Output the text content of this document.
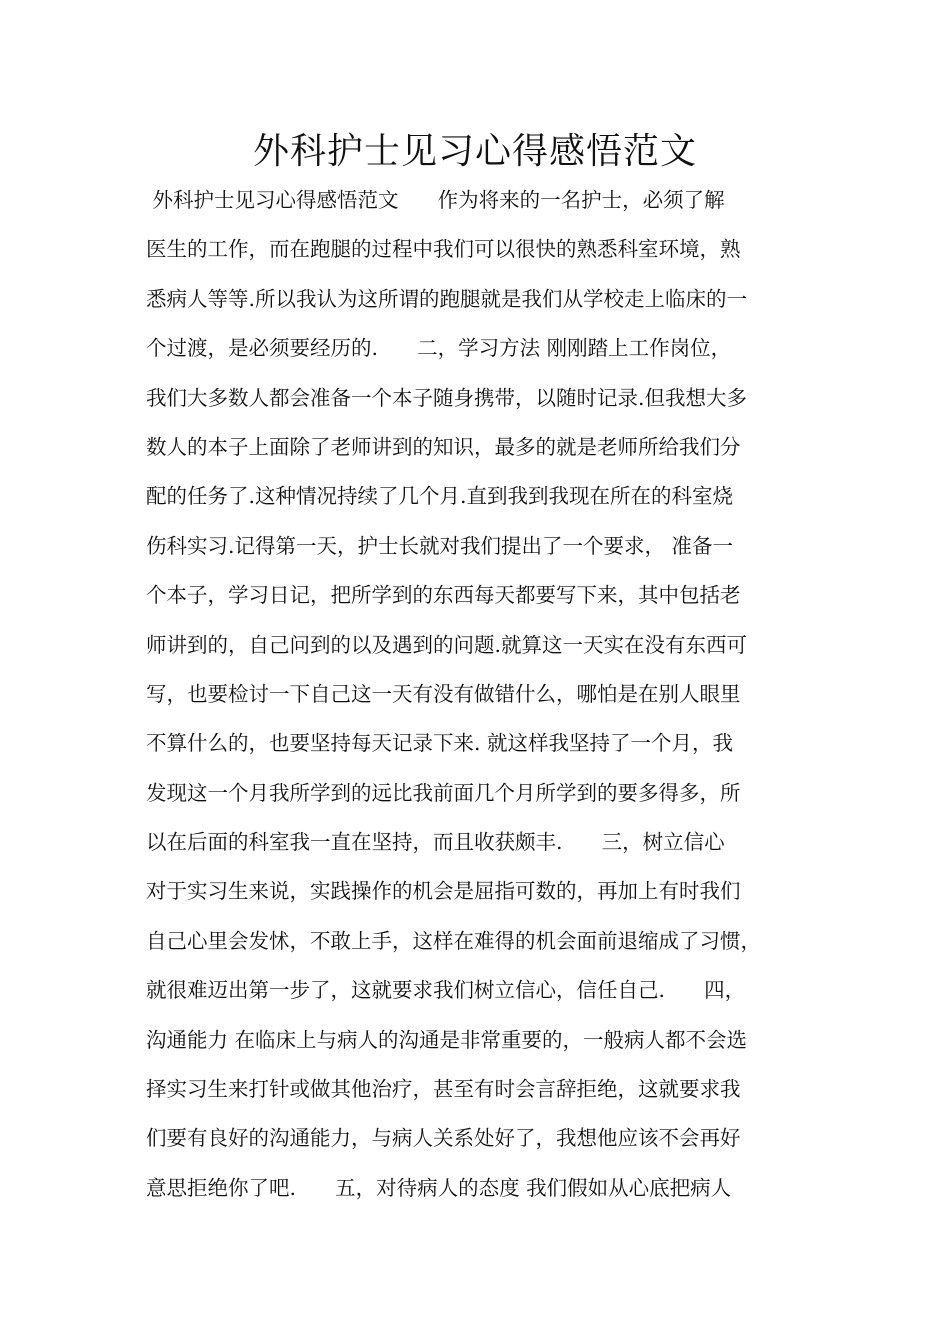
外科护士见习心得感悟范文
外科护士见习心得感悟范文      作为将来的一名护士，必须了解
医生的工作，而在跑腿的过程中我们可以很快的熟悉科室环境，熟
悉病人等等.所以我认为这所谓的跑腿就是我们从学校走上临床的一
个过渡，是必须要经历的.      二，学习方法 刚刚踏上工作岗位，
我们大多数人都会准备一个本子随身携带，以随时记录.但我想大多
数人的本子上面除了老师讲到的知识，最多的就是老师所给我们分
配的任务了.这种情况持续了几个月.直到我到我现在所在的科室烧
伤科实习.记得第一天，护士长就对我们提出了一个要求， 准备一
个本子，学习日记，把所学到的东西每天都要写下来，其中包括老
师讲到的，自己问到的以及遇到的问题.就算这一天实在没有东西可
写，也要检讨一下自己这一天有没有做错什么，哪怕是在别人眼里
不算什么的，也要坚持每天记录下来. 就这样我坚持了一个月，我
发现这一个月我所学到的远比我前面几个月所学到的要多得多，所
以在后面的科室我一直在坚持，而且收获颇丰.      三，树立信心
对于实习生来说，实践操作的机会是屈指可数的，再加上有时我们
自己心里会发怵，不敢上手，这样在难得的机会面前退缩成了习惯，
就很难迈出第一步了，这就要求我们树立信心，信任自己.      四，
沟通能力 在临床上与病人的沟通是非常重要的，一般病人都不会选
择实习生来打针或做其他治疗，甚至有时会言辞拒绝，这就要求我
们要有良好的沟通能力，与病人关系处好了，我想他应该不会再好
意思拒绝你了吧.      五，对待病人的态度 我们假如从心底把病人
